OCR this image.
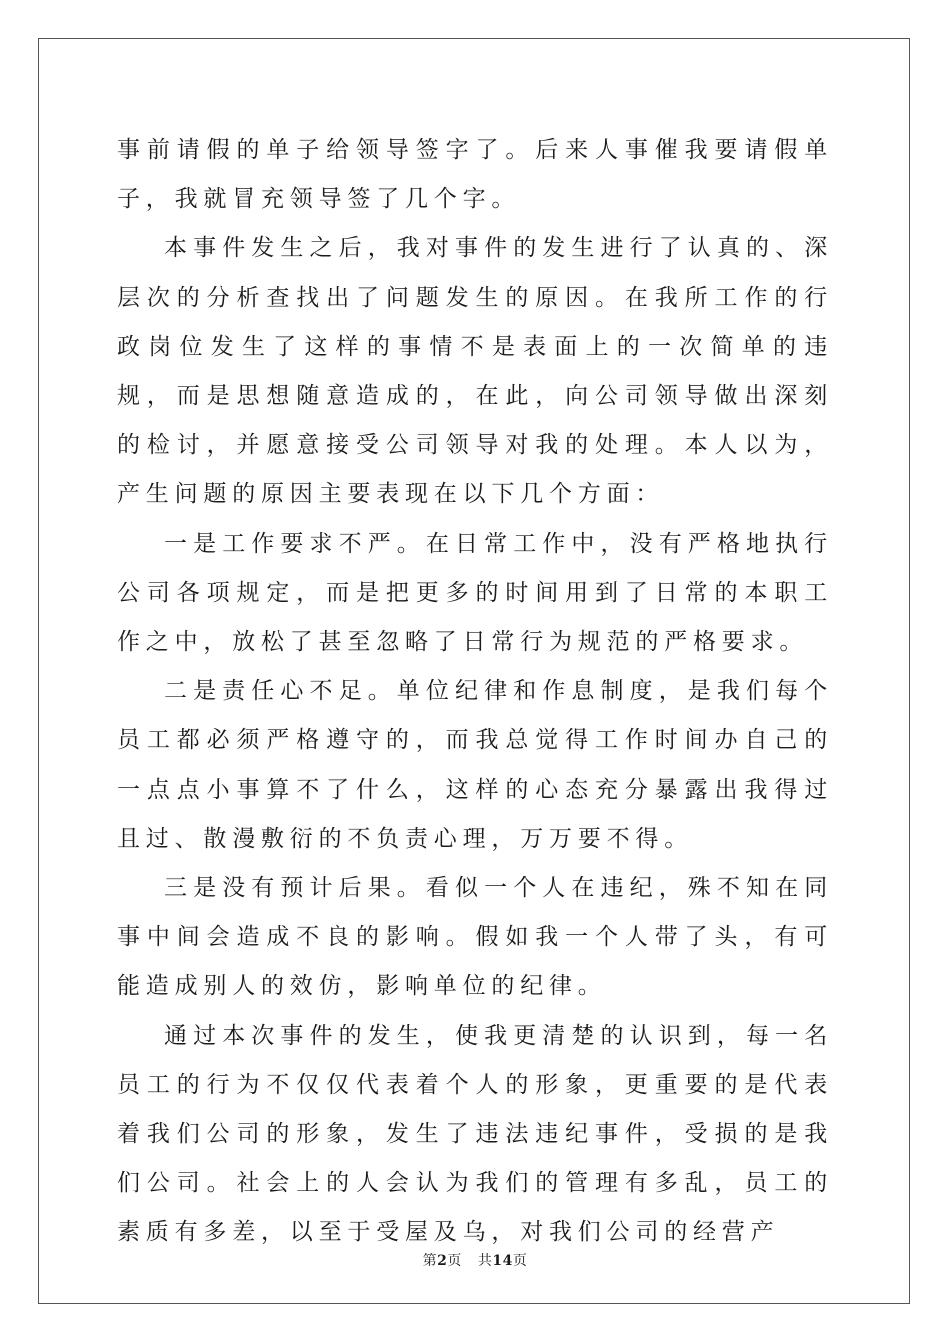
事前请假的单子给领导签字了。后来人事催我要请假单子，我就冒充领导签了几个字。

本事件发生之后，我对事件的发生进行了认真的、深层次的分析查找出了问题发生的原因。在我所工作的行政岗位发生了这样的事情不是表面上的一次简单的违规，而是思想随意造成的，在此，向公司领导做出深刻的检讨，并愿意接受公司领导对我的处理。本人以为，产生问题的原因主要表现在以下几个方面：

一是工作要求不严。在日常工作中，没有严格地执行公司各项规定，而是把更多的时间用到了日常的本职工作之中，放松了甚至忽略了日常行为规范的严格要求。

二是责任心不足。单位纪律和作息制度，是我们每个员工都必须严格遵守的，而我总觉得工作时间办自己的一点点小事算不了什么，这样的心态充分暴露出我得过且过、散漫敷衍的不负责心理，万万要不得。

三是没有预计后果。看似一个人在违纪，殊不知在同事中间会造成不良的影响。假如我一个人带了头，有可能造成别人的效仿，影响单位的纪律。

通过本次事件的发生，使我更清楚的认识到，每一名员工的行为不仅仅代表着个人的形象，更重要的是代表着我们公司的形象，发生了违法违纪事件，受损的是我们公司。社会上的人会认为我们的管理有多乱，员工的素质有多差，以至于受屋及乌，对我们公司的经营产

第2页 共14页
